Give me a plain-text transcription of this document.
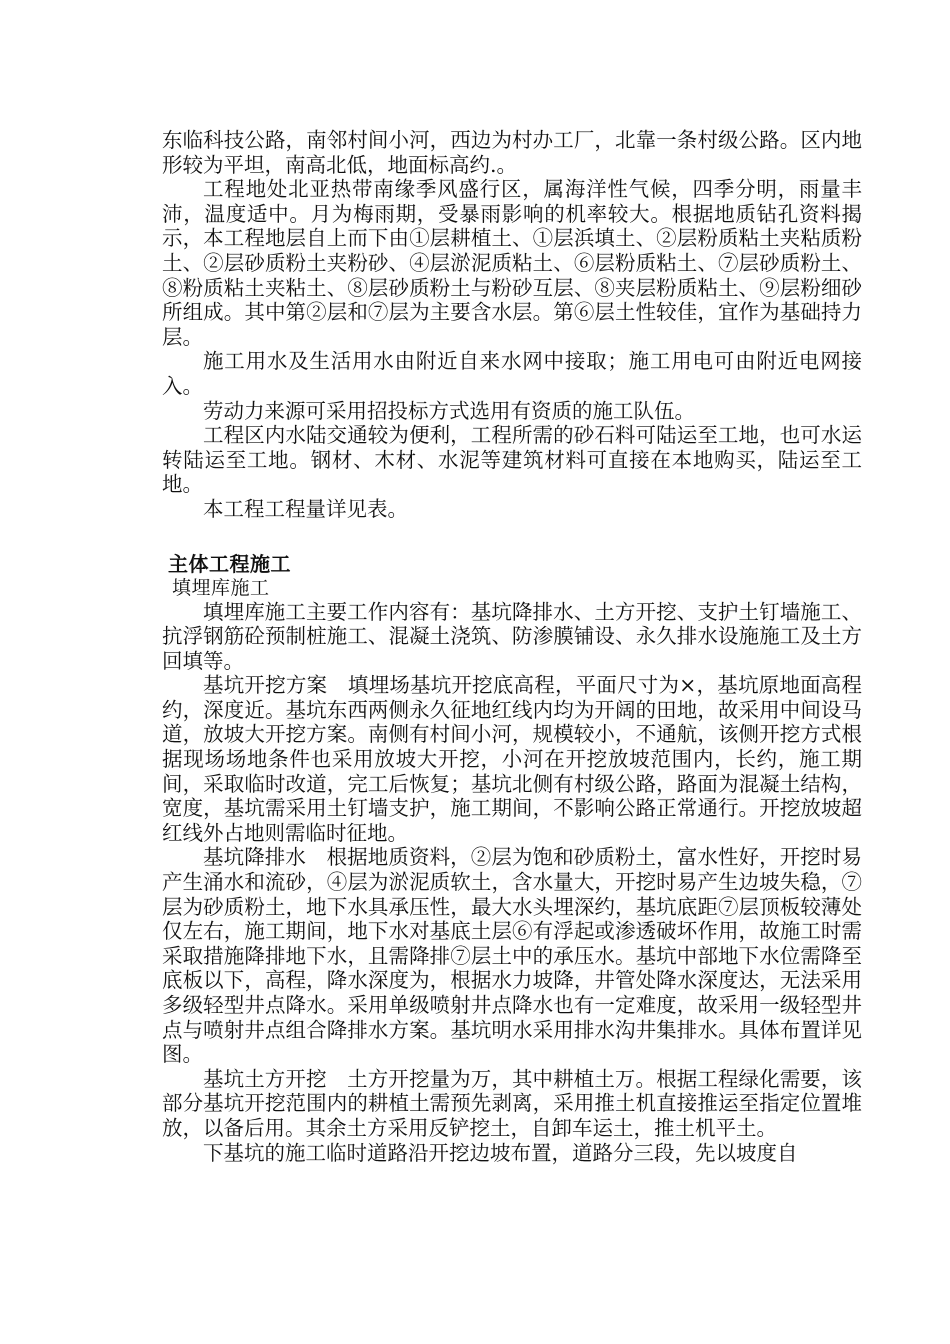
东临科技公路，南邻村间小河，西边为村办工厂，北靠一条村级公路。区内地形较为平坦，南高北低，地面标高约.。

工程地处北亚热带南缘季风盛行区，属海洋性气候，四季分明，雨量丰沛，温度适中。月为梅雨期，受暴雨影响的机率较大。根据地质钻孔资料揭示，本工程地层自上而下由①层耕植土、①层浜填土、②层粉质粘土夹粘质粉土、②层砂质粉土夹粉砂、④层淤泥质粘土、⑥层粉质粘土、⑦层砂质粉土、⑧粉质粘土夹粘土、⑧层砂质粉土与粉砂互层、⑧夹层粉质粘土、⑨层粉细砂所组成。其中第②层和⑦层为主要含水层。第⑥层土性较佳，宜作为基础持力层。

施工用水及生活用水由附近自来水网中接取；施工用电可由附近电网接入。

劳动力来源可采用招投标方式选用有资质的施工队伍。

工程区内水陆交通较为便利，工程所需的砂石料可陆运至工地，也可水运转陆运至工地。钢材、木材、水泥等建筑材料可直接在本地购买，陆运至工地。

本工程工程量详见表。

主体工程施工

填埋库施工

填埋库施工主要工作内容有：基坑降排水、土方开挖、支护土钉墙施工、抗浮钢筋砼预制桩施工、混凝土浇筑、防渗膜铺设、永久排水设施施工及土方回填等。

基坑开挖方案　填埋场基坑开挖底高程，平面尺寸为×，基坑原地面高程约，深度近。基坑东西两侧永久征地红线内均为开阔的田地，故采用中间设马道，放坡大开挖方案。南侧有村间小河，规模较小，不通航，该侧开挖方式根据现场场地条件也采用放坡大开挖，小河在开挖放坡范围内，长约，施工期间，采取临时改道，完工后恢复；基坑北侧有村级公路，路面为混凝土结构，宽度，基坑需采用土钉墙支护，施工期间，不影响公路正常通行。开挖放坡超红线外占地则需临时征地。

基坑降排水　根据地质资料，②层为饱和砂质粉土，富水性好，开挖时易产生涌水和流砂，④层为淤泥质软土，含水量大，开挖时易产生边坡失稳，⑦层为砂质粉土，地下水具承压性，最大水头埋深约，基坑底距⑦层顶板较薄处仅左右，施工期间，地下水对基底土层⑥有浮起或渗透破坏作用，故施工时需采取措施降排地下水，且需降排⑦层土中的承压水。基坑中部地下水位需降至底板以下，高程，降水深度为，根据水力坡降，井管处降水深度达，无法采用多级轻型井点降水。采用单级喷射井点降水也有一定难度，故采用一级轻型井点与喷射井点组合降排水方案。基坑明水采用排水沟井集排水。具体布置详见图。

基坑土方开挖　土方开挖量为万，其中耕植土万。根据工程绿化需要，该部分基坑开挖范围内的耕植土需预先剥离，采用推土机直接推运至指定位置堆放，以备后用。其余土方采用反铲挖土，自卸车运土，推土机平土。

下基坑的施工临时道路沿开挖边坡布置，道路分三段，先以坡度自
